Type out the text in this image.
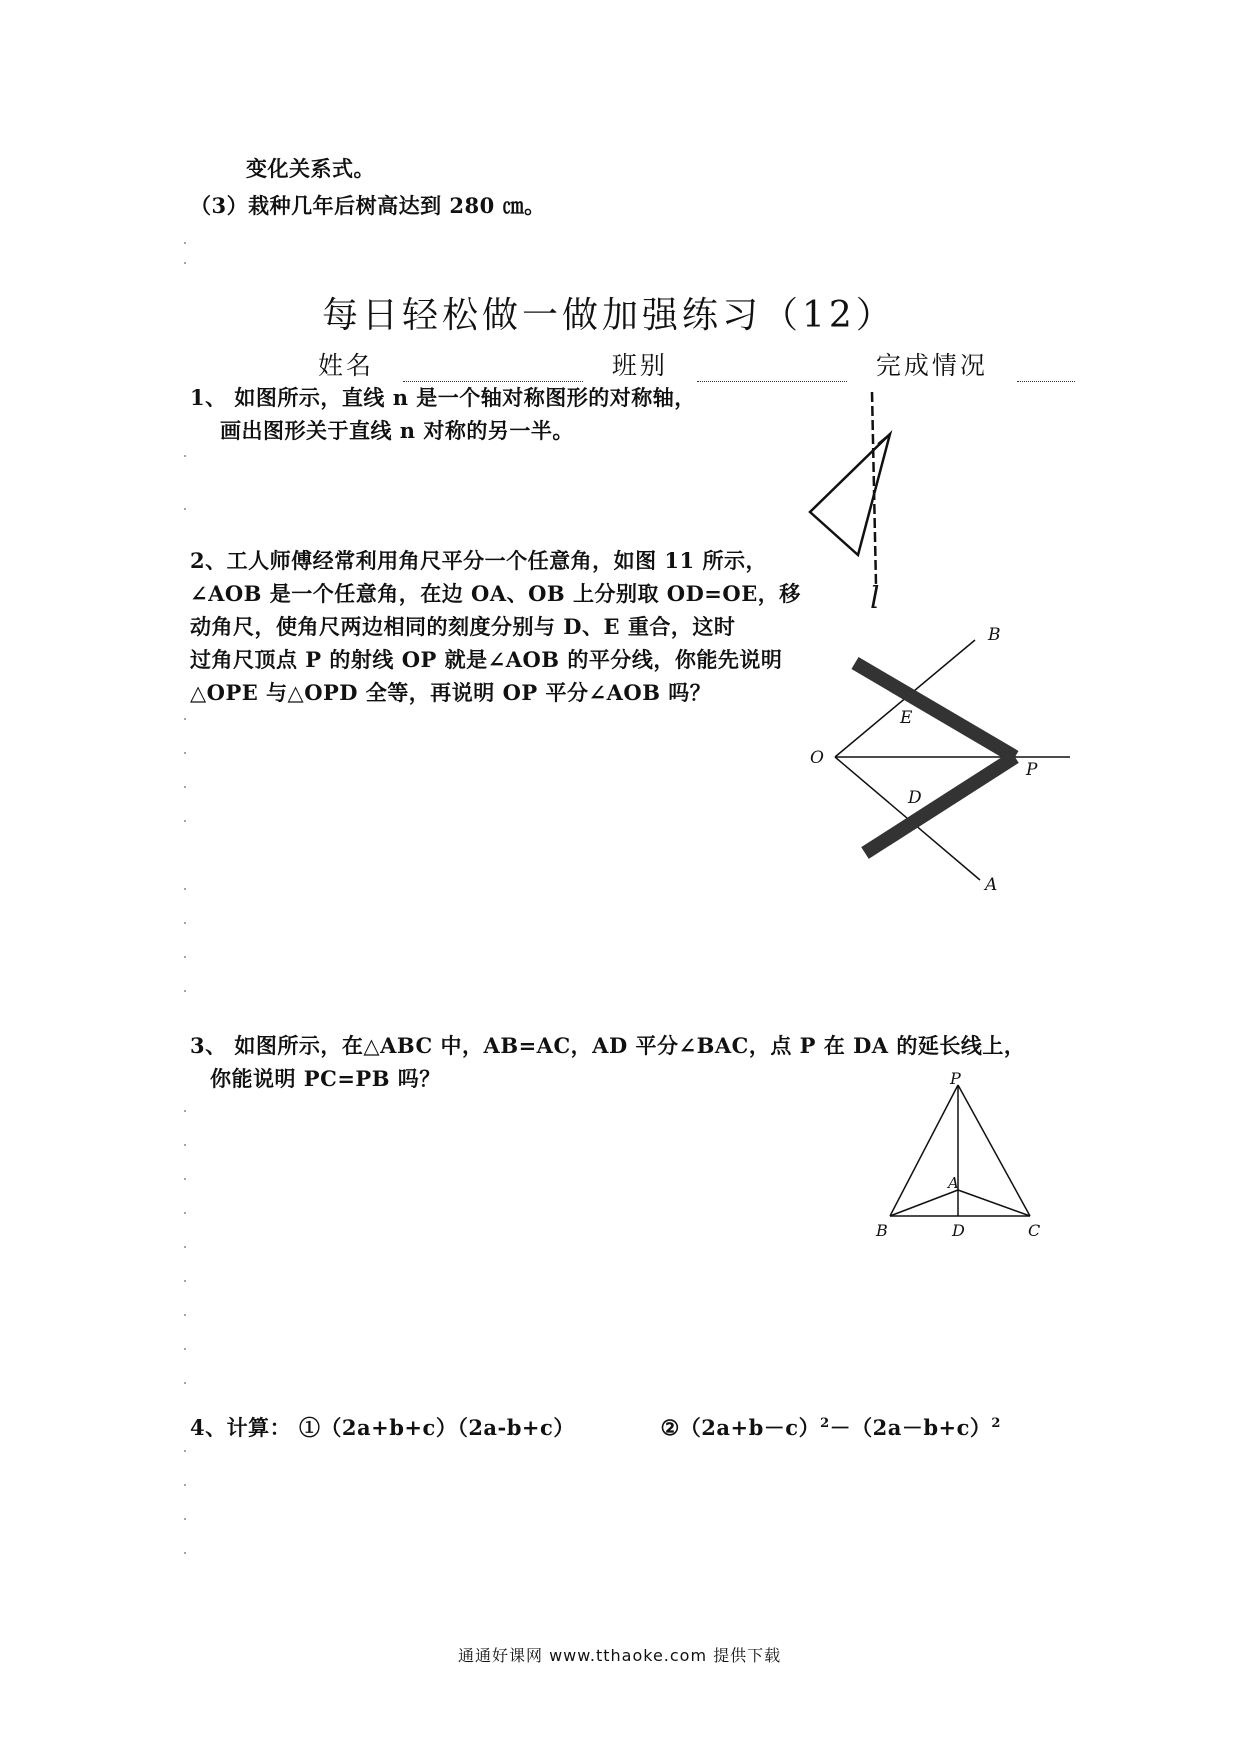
变化关系式。
（3）栽种几年后树高达到 280 ㎝。
每日轻松做一做加强练习（12）
姓名	班别	完成情况
1、 如图所示，直线 n 是一个轴对称图形的对称轴，
画出图形关于直线 n 对称的另一半。
l
2、工人师傅经常利用角尺平分一个任意角，如图 11 所示，
∠AOB 是一个任意角，在边 OA、OB 上分别取 OD=OE，移
动角尺，使角尺两边相同的刻度分别与 D、E 重合，这时
过角尺顶点 P 的射线 OP 就是∠AOB 的平分线，你能先说明
△OPE 与△OPD 全等，再说明 OP 平分∠AOB 吗？
B
E
O
P
D
A
3、 如图所示，在△ABC 中，AB=AC，AD 平分∠BAC，点 P 在 DA 的延长线上，
你能说明 PC=PB 吗？	P
A
B	D	C
4、计算： ①（2a+b+c）（2a-b+c）	$②(2a+b-c)^2-(2a-b+c)^2$
通通好课网 www.tthaoke.com 提供下载
